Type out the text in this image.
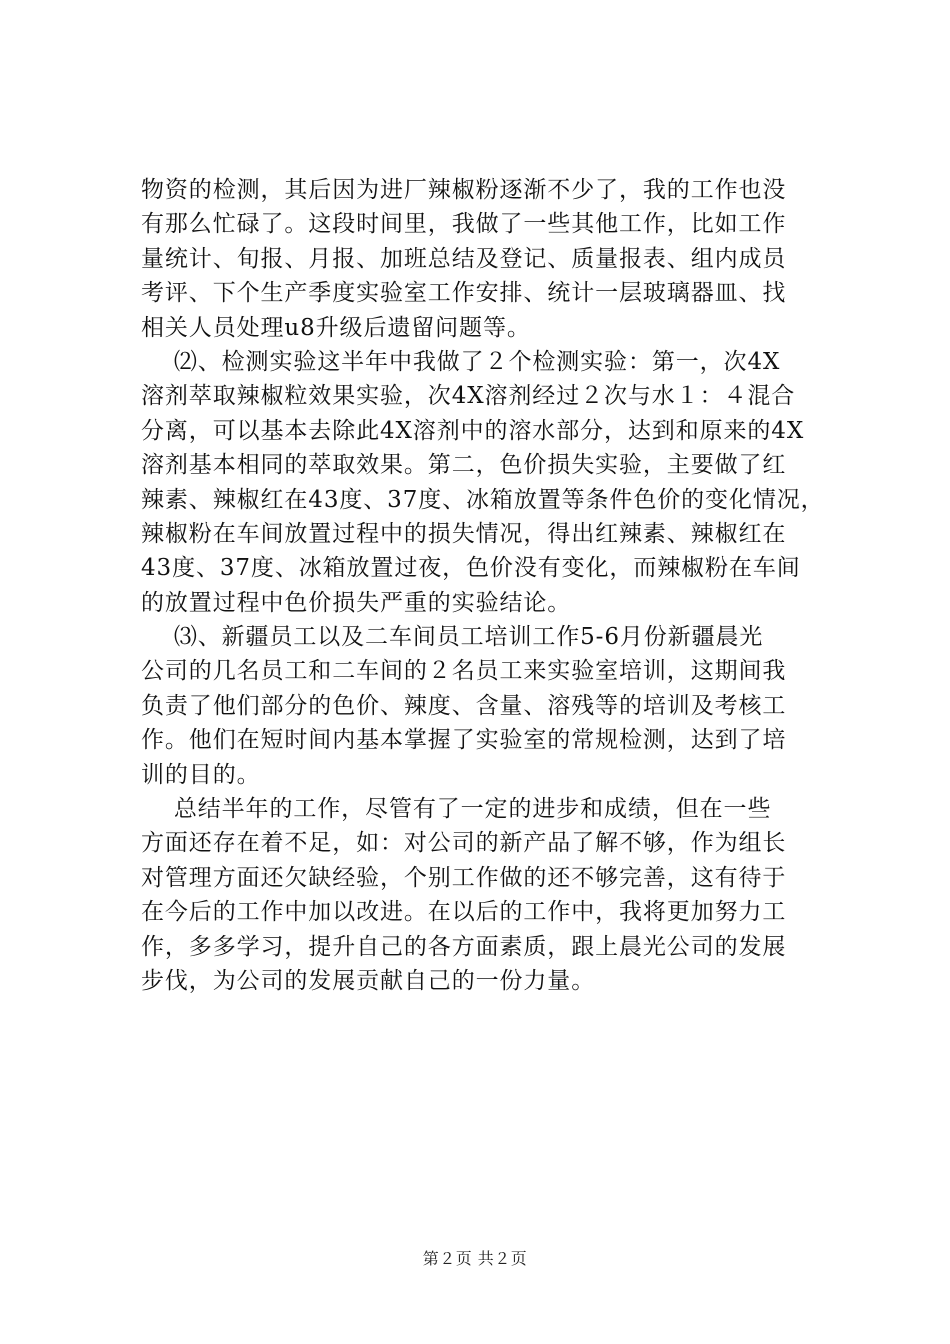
物资的检测，其后因为进厂辣椒粉逐渐不少了，我的工作也没
有那么忙碌了。这段时间里，我做了一些其他工作，比如工作
量统计、旬报、月报、加班总结及登记、质量报表、组内成员
考评、下个生产季度实验室工作安排、统计一层玻璃器皿、找
相关人员处理u8升级后遗留问题等。
⑵、检测实验这半年中我做了２个检测实验：第一，次4X
溶剂萃取辣椒粒效果实验，次4X溶剂经过２次与水１：４混合
分离，可以基本去除此4X溶剂中的溶水部分，达到和原来的4X
溶剂基本相同的萃取效果。第二，色价损失实验，主要做了红
辣素、辣椒红在43度、37度、冰箱放置等条件色价的变化情况，
辣椒粉在车间放置过程中的损失情况，得出红辣素、辣椒红在
43度、37度、冰箱放置过夜，色价没有变化，而辣椒粉在车间
的放置过程中色价损失严重的实验结论。
⑶、新疆员工以及二车间员工培训工作5-6月份新疆晨光
公司的几名员工和二车间的２名员工来实验室培训，这期间我
负责了他们部分的色价、辣度、含量、溶残等的培训及考核工
作。他们在短时间内基本掌握了实验室的常规检测，达到了培
训的目的。
总结半年的工作，尽管有了一定的进步和成绩，但在一些
方面还存在着不足，如：对公司的新产品了解不够，作为组长
对管理方面还欠缺经验，个别工作做的还不够完善，这有待于
在今后的工作中加以改进。在以后的工作中，我将更加努力工
作，多多学习，提升自己的各方面素质，跟上晨光公司的发展
步伐，为公司的发展贡献自己的一份力量。
第２页 共２页
